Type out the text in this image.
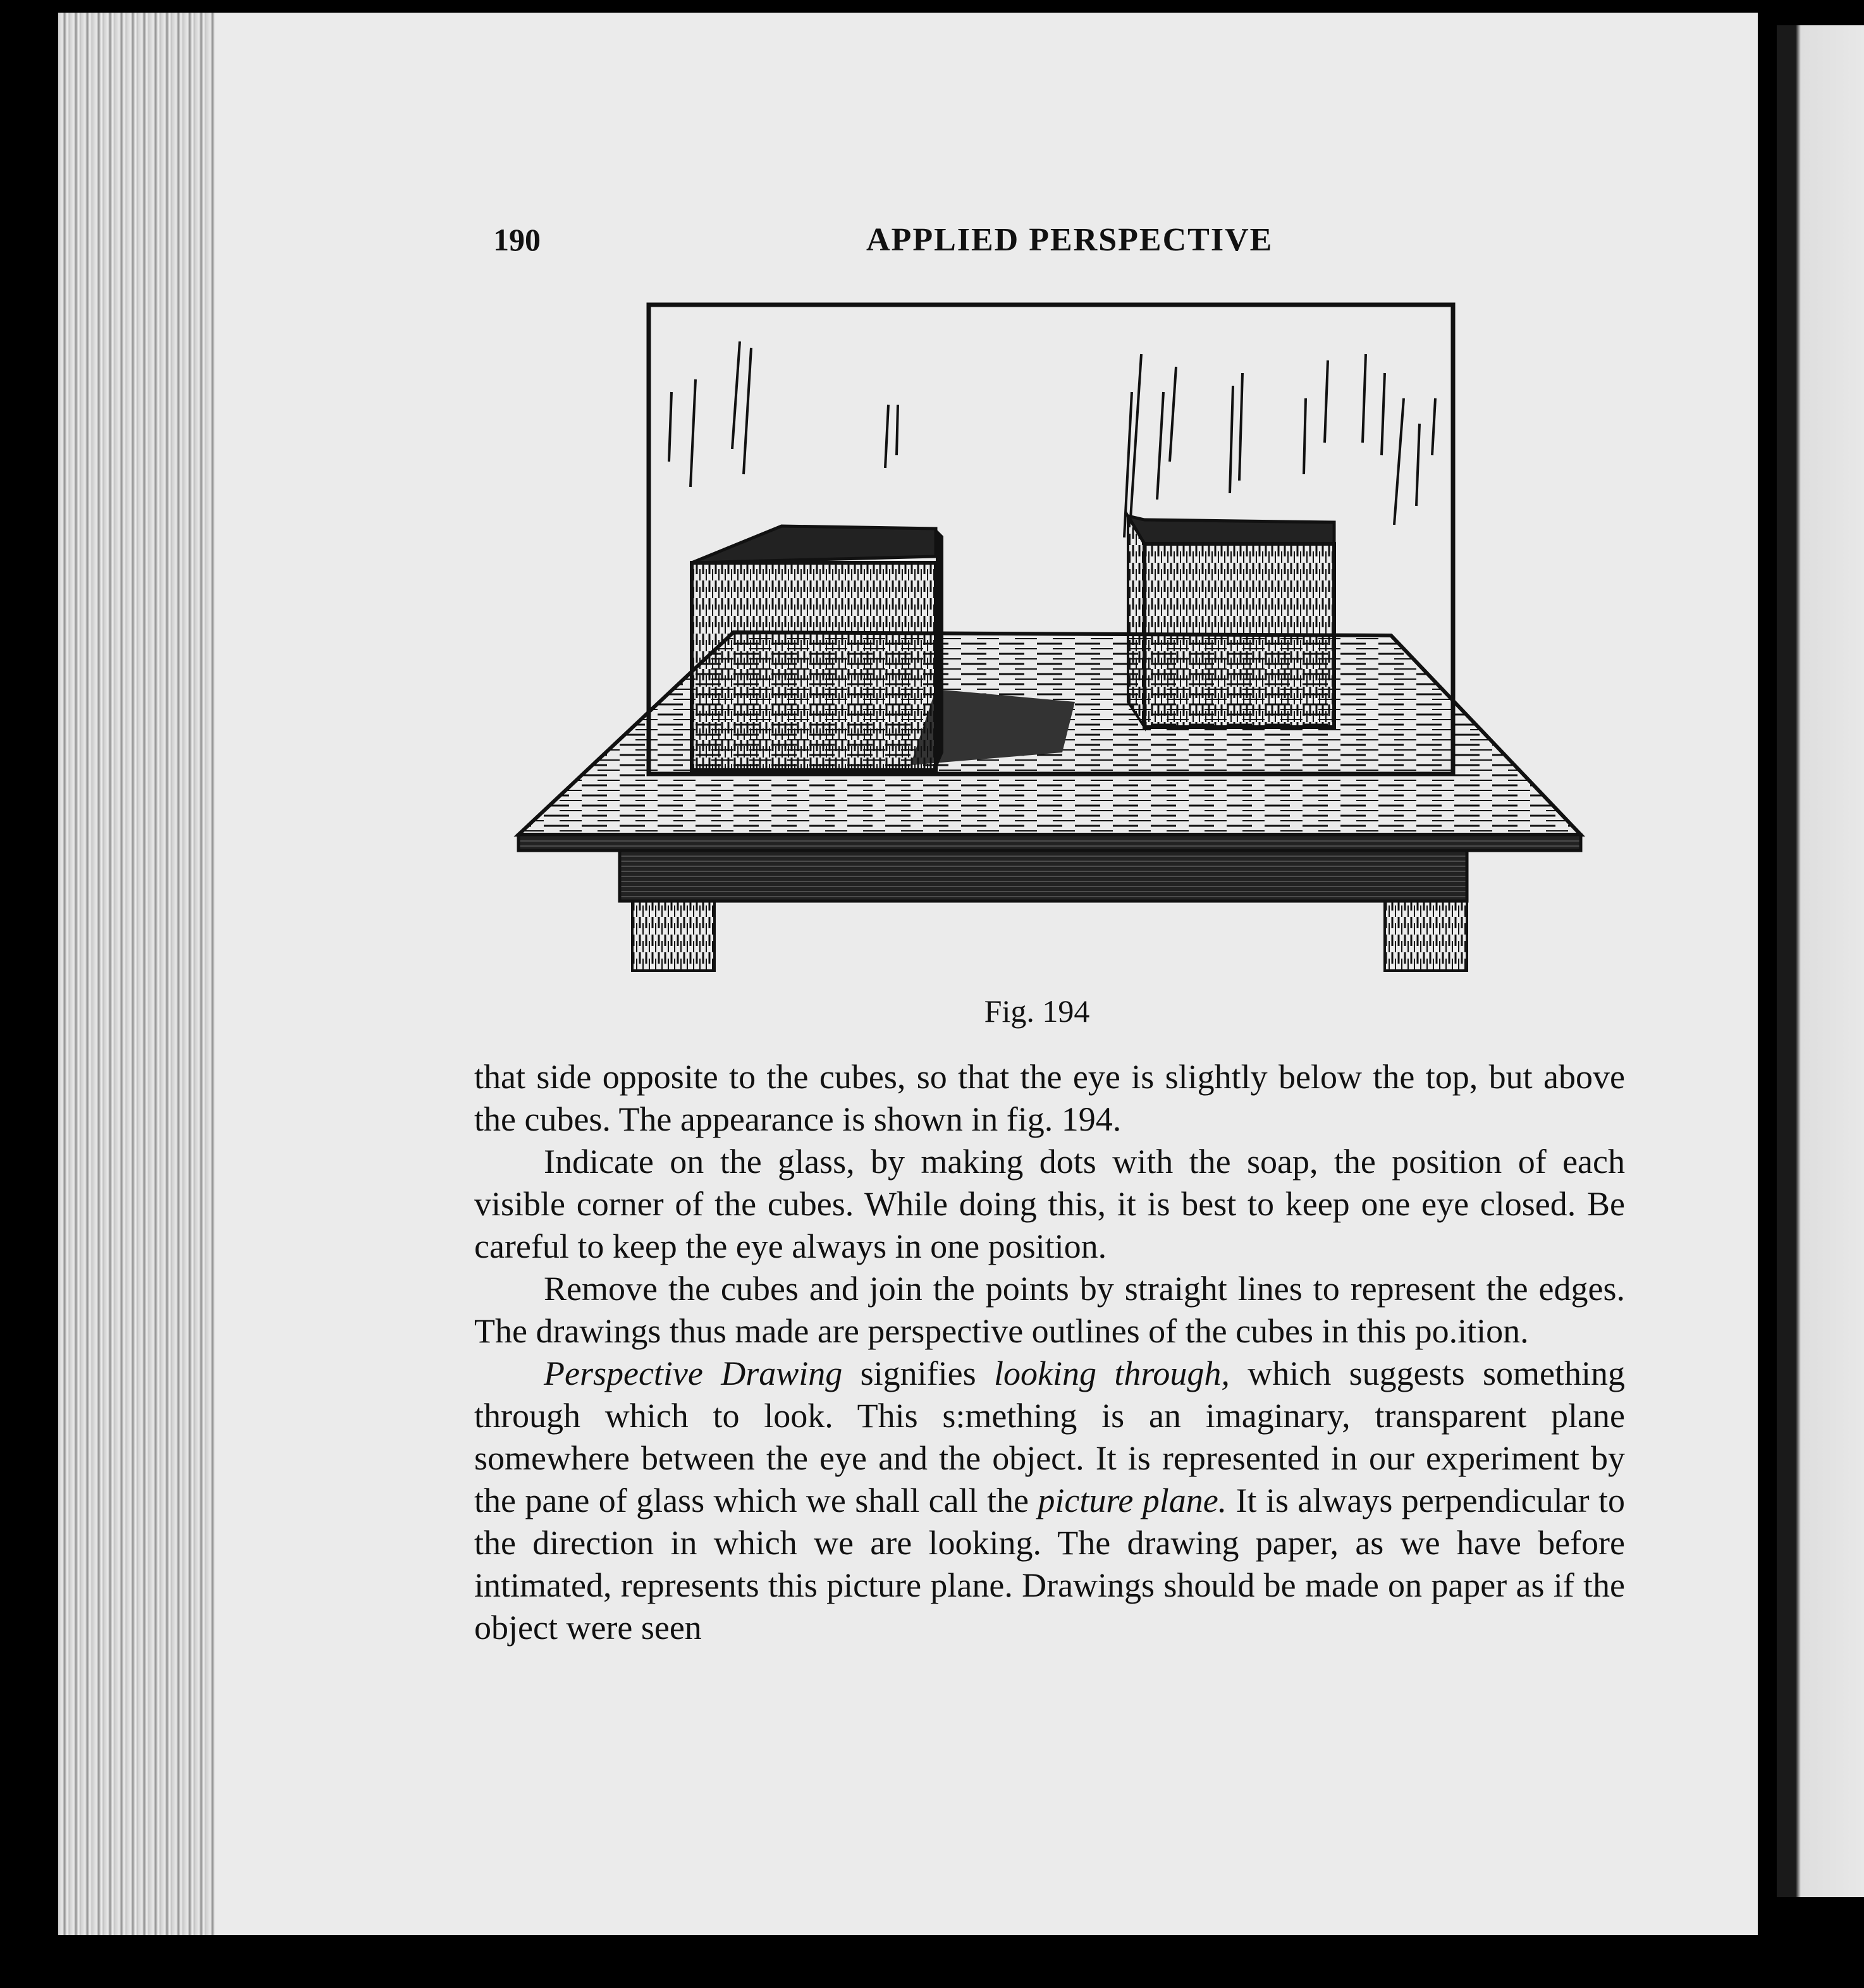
190	APPLIED PERSPECTIVE
Fig. 194

that side opposite to the cubes, so that the eye is slightly below the top, but above the cubes. The appearance is shown in fig. 194.

Indicate on the glass, by making dots with the soap, the position of each visible corner of the cubes. While doing this, it is best to keep one eye closed. Be careful to keep the eye always in one position.

Remove the cubes and join the points by straight lines to represent the edges. The drawings thus made are perspective outlines of the cubes in this po.ition.

Perspective Drawing signifies looking through, which suggests something through which to look. This s:mething is an imaginary, transparent plane somewhere between the eye and the object. It is represented in our experiment by the pane of glass which we shall call the picture plane. It is always perpendicular to the direction in which we are looking. The drawing paper, as we have before intimated, represents this picture plane. Drawings should be made on paper as if the object were seen
